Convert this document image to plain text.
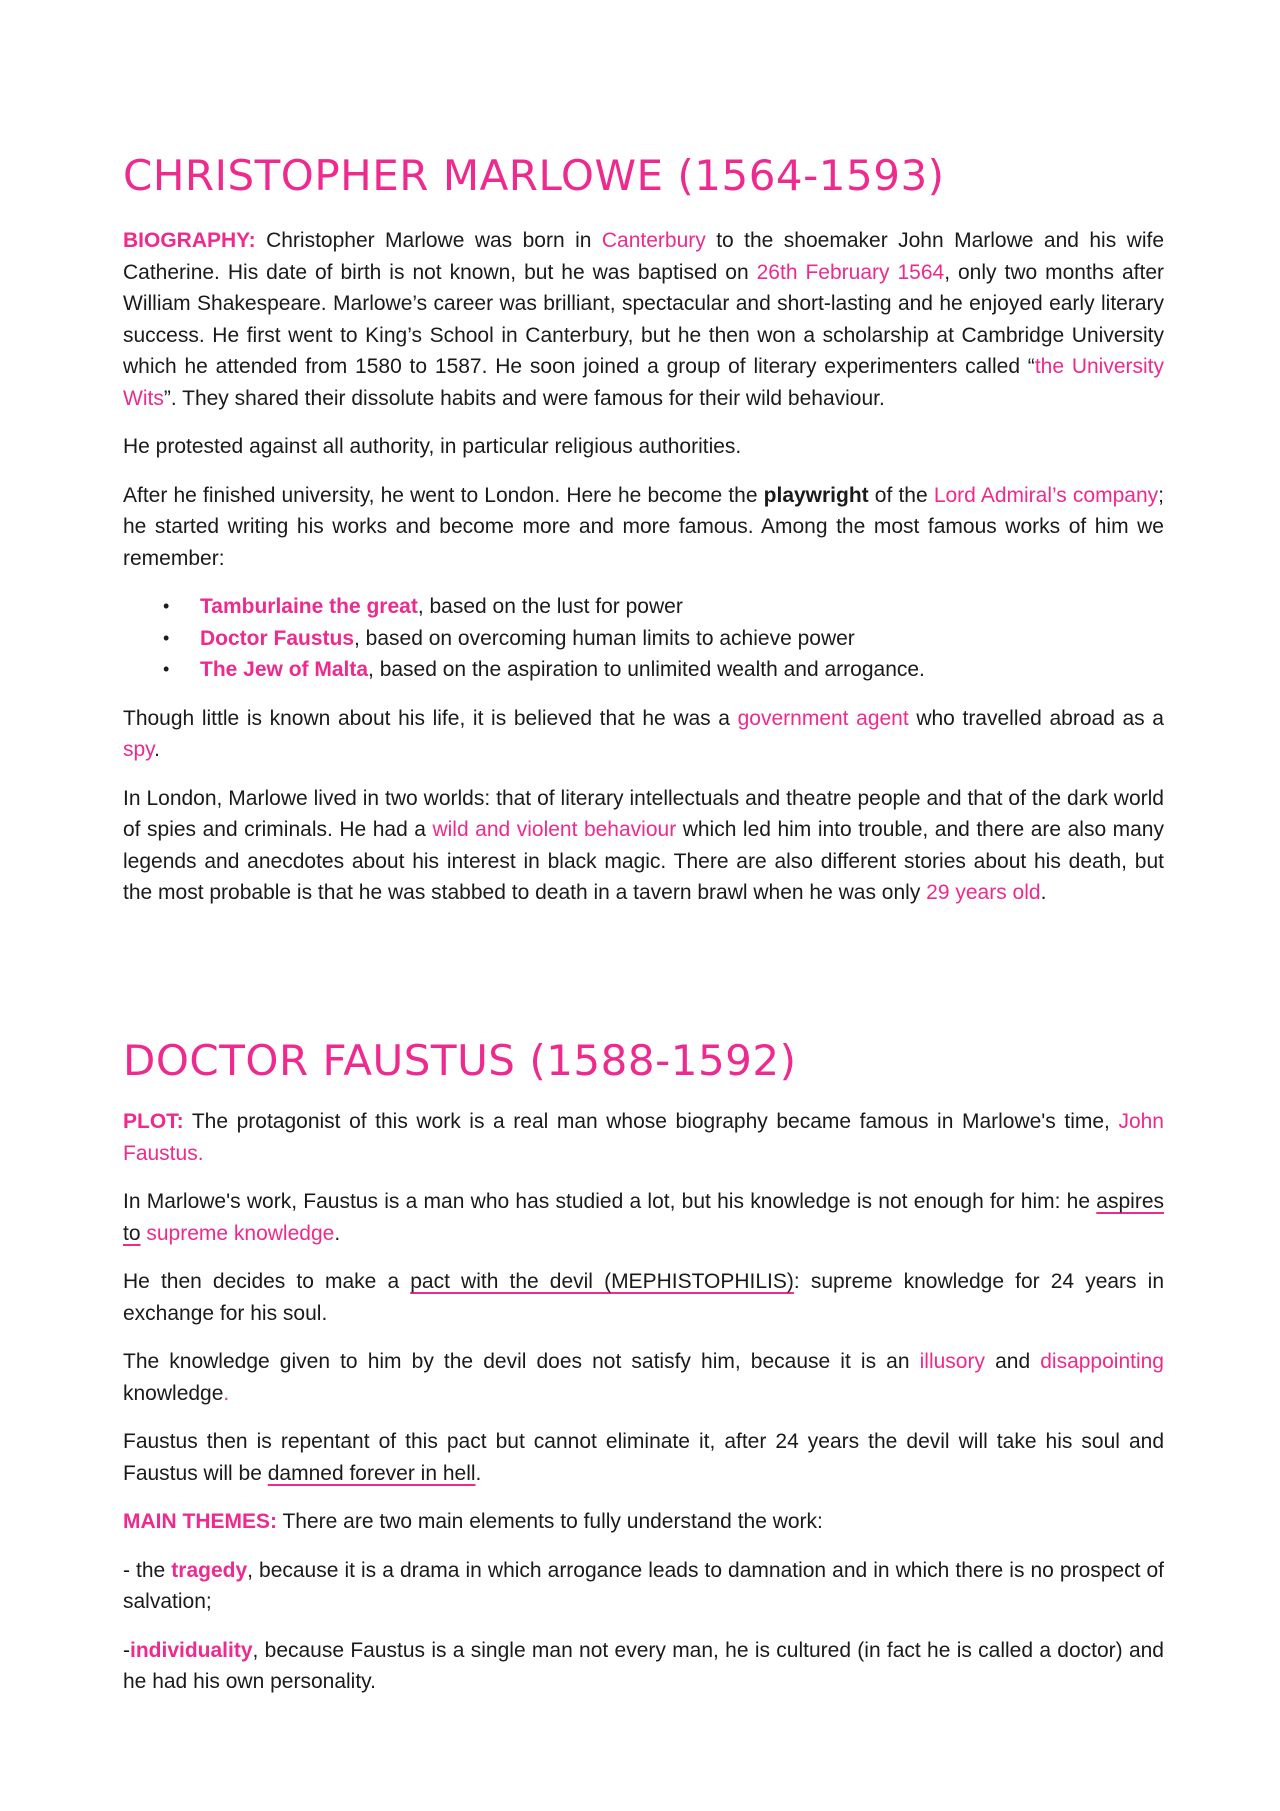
CHRISTOPHER MARLOWE (1564-1593)

BIOGRAPHY: Christopher Marlowe was born in Canterbury to the shoemaker John Marlowe and his wife Catherine. His date of birth is not known, but he was baptised on 26th February 1564, only two months after William Shakespeare. Marlowe’s career was brilliant, spectacular and short-lasting and he enjoyed early literary success. He first went to King’s School in Canterbury, but he then won a scholarship at Cambridge University which he attended from 1580 to 1587. He soon joined a group of literary experimenters called “the University Wits”. They shared their dissolute habits and were famous for their wild behaviour.

He protested against all authority, in particular religious authorities.

After he finished university, he went to London. Here he become the playwright of the Lord Admiral’s company; he started writing his works and become more and more famous. Among the most famous works of him we remember:

• Tamburlaine the great, based on the lust for power
• Doctor Faustus, based on overcoming human limits to achieve power
• The Jew of Malta, based on the aspiration to unlimited wealth and arrogance.

Though little is known about his life, it is believed that he was a government agent who travelled abroad as a spy.

In London, Marlowe lived in two worlds: that of literary intellectuals and theatre people and that of the dark world of spies and criminals. He had a wild and violent behaviour which led him into trouble, and there are also many legends and anecdotes about his interest in black magic. There are also different stories about his death, but the most probable is that he was stabbed to death in a tavern brawl when he was only 29 years old.

DOCTOR FAUSTUS (1588-1592)

PLOT: The protagonist of this work is a real man whose biography became famous in Marlowe's time, John Faustus.

In Marlowe's work, Faustus is a man who has studied a lot, but his knowledge is not enough for him: he aspires to supreme knowledge.

He then decides to make a pact with the devil (MEPHISTOPHILIS): supreme knowledge for 24 years in exchange for his soul.

The knowledge given to him by the devil does not satisfy him, because it is an illusory and disappointing knowledge.

Faustus then is repentant of this pact but cannot eliminate it, after 24 years the devil will take his soul and Faustus will be damned forever in hell.

MAIN THEMES: There are two main elements to fully understand the work:

- the tragedy, because it is a drama in which arrogance leads to damnation and in which there is no prospect of salvation;

-individuality, because Faustus is a single man not every man, he is cultured (in fact he is called a doctor) and he had his own personality.
